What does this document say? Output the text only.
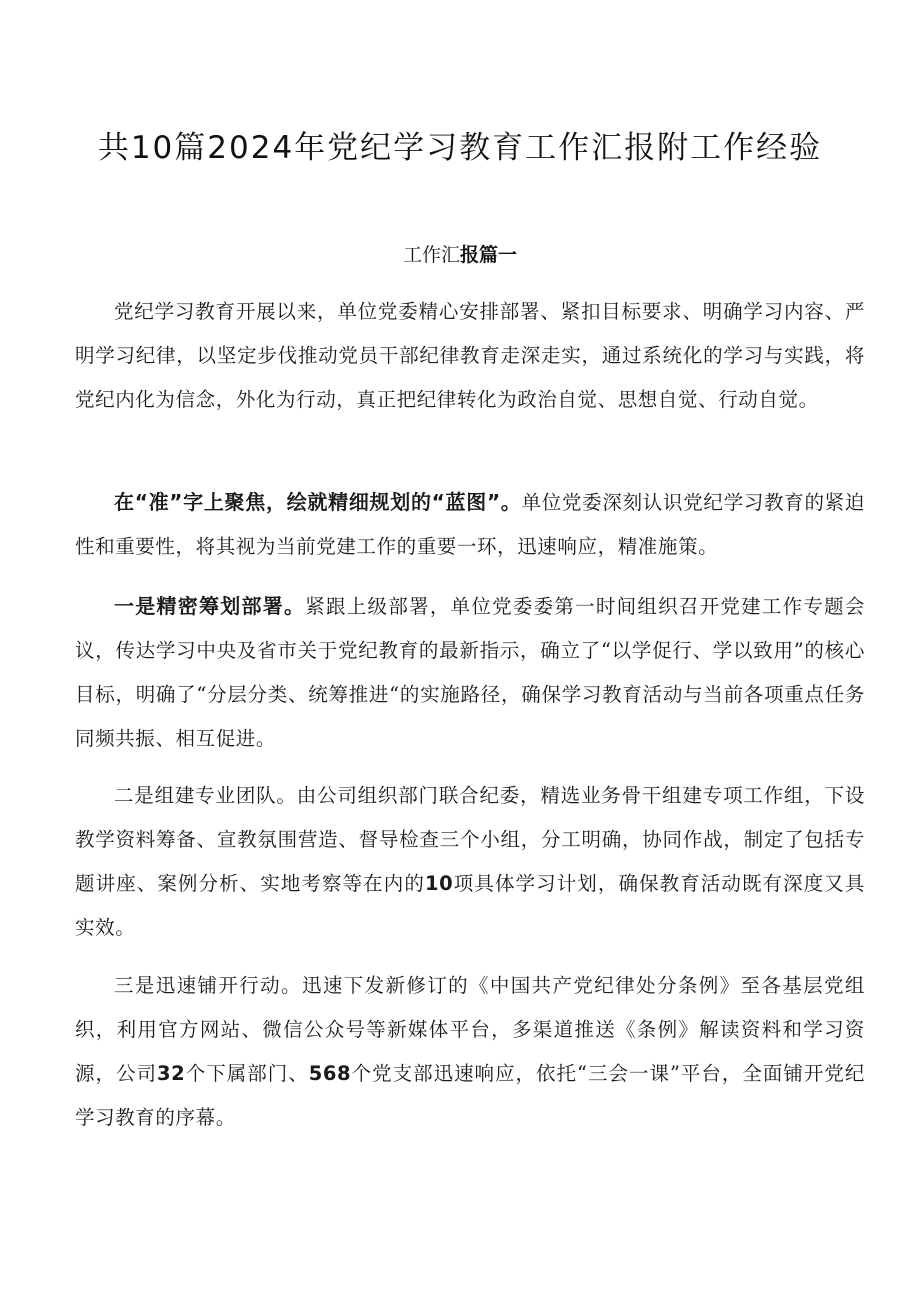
共10篇2024年党纪学习教育工作汇报附工作经验
工作汇报篇一

党纪学习教育开展以来，单位党委精心安排部署、紧扣目标要求、明确学习内容、严明学习纪律，以坚定步伐推动党员干部纪律教育走深走实，通过系统化的学习与实践，将党纪内化为信念，外化为行动，真正把纪律转化为政治自觉、思想自觉、行动自觉。

在“准”字上聚焦，绘就精细规划的“蓝图”。单位党委深刻认识党纪学习教育的紧迫性和重要性，将其视为当前党建工作的重要一环，迅速响应，精准施策。

一是精密筹划部署。紧跟上级部署，单位党委委第一时间组织召开党建工作专题会议，传达学习中央及省市关于党纪教育的最新指示，确立了“以学促行、学以致用”的核心目标，明确了“分层分类、统筹推进“的实施路径，确保学习教育活动与当前各项重点任务同频共振、相互促进。

二是组建专业团队。由公司组织部门联合纪委，精选业务骨干组建专项工作组，下设教学资料筹备、宣教氛围营造、督导检查三个小组，分工明确，协同作战，制定了包括专题讲座、案例分析、实地考察等在内的10项具体学习计划，确保教育活动既有深度又具实效。

三是迅速铺开行动。迅速下发新修订的《中国共产党纪律处分条例》至各基层党组织，利用官方网站、微信公众号等新媒体平台，多渠道推送《条例》解读资料和学习资源，公司32个下属部门、568个党支部迅速响应，依托“三会一课”平台，全面铺开党纪学习教育的序幕。
